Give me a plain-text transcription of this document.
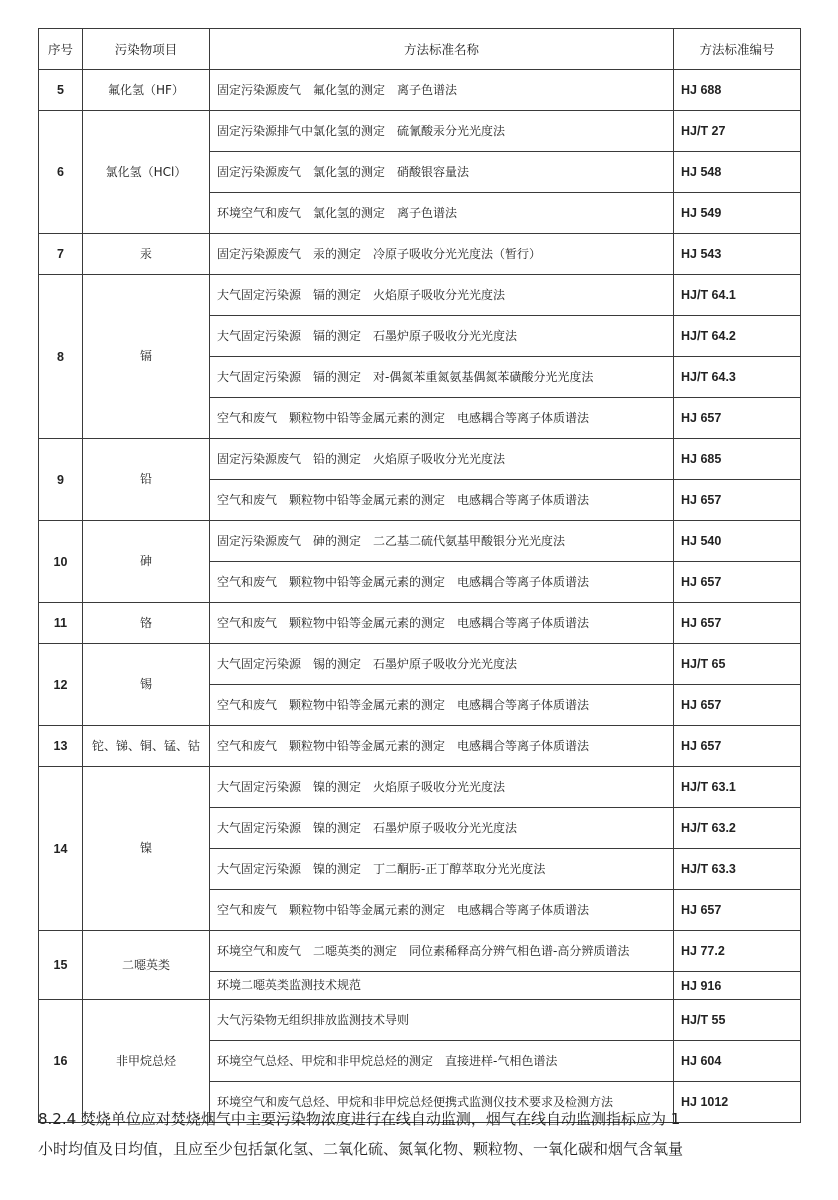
序号	污染物项目	方法标准名称	方法标准编号
5	氟化氢（HF）	固定污染源废气　氟化氢的测定　离子色谱法	HJ 688
6	氯化氢（HCl）	固定污染源排气中氯化氢的测定　硫氰酸汞分光光度法	HJ/T 27
		固定污染源废气　氯化氢的测定　硝酸银容量法	HJ 548
		环境空气和废气　氯化氢的测定　离子色谱法	HJ 549
7	汞	固定污染源废气　汞的测定　冷原子吸收分光光度法（暂行）	HJ 543
8	镉	大气固定污染源　镉的测定　火焰原子吸收分光光度法	HJ/T 64.1
		大气固定污染源　镉的测定　石墨炉原子吸收分光光度法	HJ/T 64.2
		大气固定污染源　镉的测定　对-偶氮苯重氮氨基偶氮苯磺酸分光光度法	HJ/T 64.3
		空气和废气　颗粒物中铅等金属元素的测定　电感耦合等离子体质谱法	HJ 657
9	铅	固定污染源废气　铅的测定　火焰原子吸收分光光度法	HJ 685
		空气和废气　颗粒物中铅等金属元素的测定　电感耦合等离子体质谱法	HJ 657
10	砷	固定污染源废气　砷的测定　二乙基二硫代氨基甲酸银分光光度法	HJ 540
		空气和废气　颗粒物中铅等金属元素的测定　电感耦合等离子体质谱法	HJ 657
11	铬	空气和废气　颗粒物中铅等金属元素的测定　电感耦合等离子体质谱法	HJ 657
12	锡	大气固定污染源　锡的测定　石墨炉原子吸收分光光度法	HJ/T 65
		空气和废气　颗粒物中铅等金属元素的测定　电感耦合等离子体质谱法	HJ 657
13	铊、锑、铜、锰、钴	空气和废气　颗粒物中铅等金属元素的测定　电感耦合等离子体质谱法	HJ 657
14	镍	大气固定污染源　镍的测定　火焰原子吸收分光光度法	HJ/T 63.1
		大气固定污染源　镍的测定　石墨炉原子吸收分光光度法	HJ/T 63.2
		大气固定污染源　镍的测定　丁二酮肟-正丁醇萃取分光光度法	HJ/T 63.3
		空气和废气　颗粒物中铅等金属元素的测定　电感耦合等离子体质谱法	HJ 657
15	二噁英类	环境空气和废气　二噁英类的测定　同位素稀释高分辨气相色谱-高分辨质谱法	HJ 77.2
		环境二噁英类监测技术规范	HJ 916
16	非甲烷总烃	大气污染物无组织排放监测技术导则	HJ/T 55
		环境空气总烃、甲烷和非甲烷总烃的测定　直接进样-气相色谱法	HJ 604
		环境空气和废气总烃、甲烷和非甲烷总烃便携式监测仪技术要求及检测方法	HJ 1012
8.2.4 焚烧单位应对焚烧烟气中主要污染物浓度进行在线自动监测，烟气在线自动监测指标应为 1
小时均值及日均值，且应至少包括氯化氢、二氧化硫、氮氧化物、颗粒物、一氧化碳和烟气含氧量
